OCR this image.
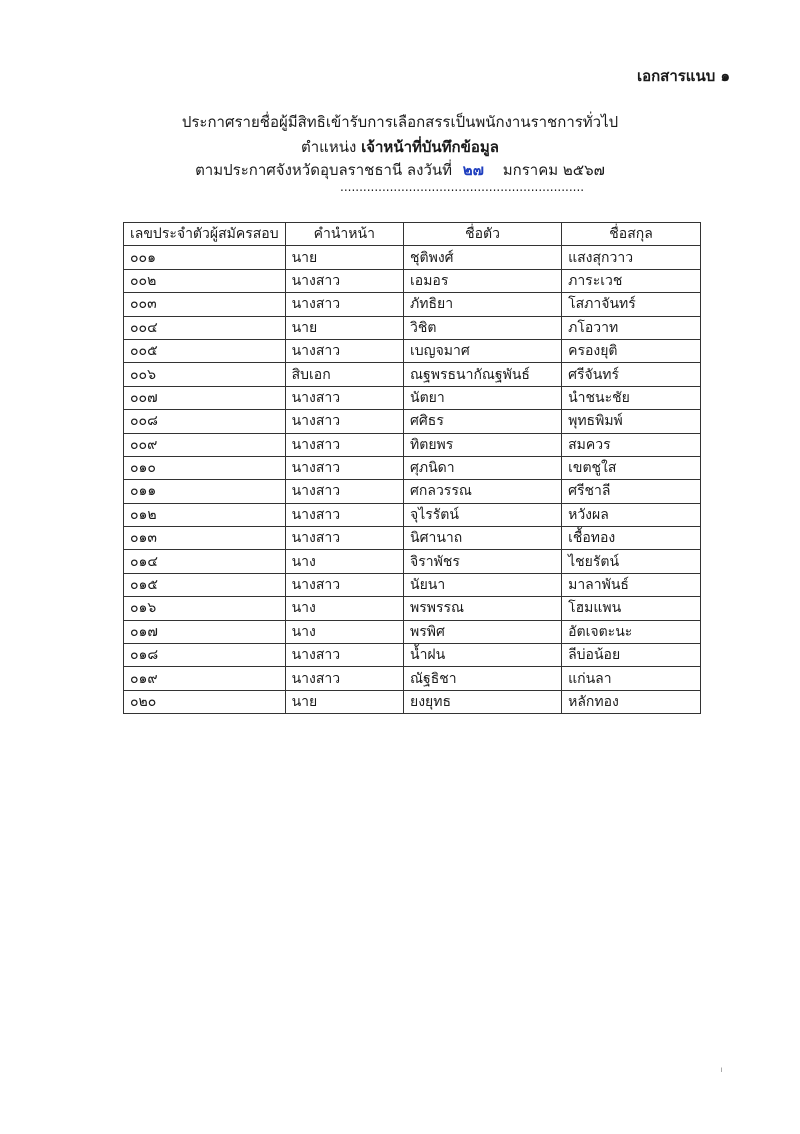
เอกสารแนบ ๑
ประกาศรายชื่อผู้มีสิทธิเข้ารับการเลือกสรรเป็นพนักงานราชการทั่วไป
ตำแหน่ง เจ้าหน้าที่บันทึกข้อมูล
ตามประกาศจังหวัดอุบลราชธานี ลงวันที่ ๒๗ มกราคม ๒๕๖๗
................................................................
เลขประจำตัวผู้สมัครสอบ	คำนำหน้า	ชื่อตัว	ชื่อสกุล
๐๐๑	นาย	ชุติพงศ์	แสงสุกวาว
๐๐๒	นางสาว	เอมอร	ภาระเวช
๐๐๓	นางสาว	ภัทธิยา	โสภาจันทร์
๐๐๔	นาย	วิชิต	ภโอวาท
๐๐๕	นางสาว	เบญจมาศ	ครองยุติ
๐๐๖	สิบเอก	ณฐพรธนากัณฐพันธ์	ศรีจันทร์
๐๐๗	นางสาว	นัตยา	นำชนะชัย
๐๐๘	นางสาว	ศศิธร	พุทธพิมพ์
๐๐๙	นางสาว	ทิตยพร	สมควร
๐๑๐	นางสาว	ศุภนิดา	เขตชูใส
๐๑๑	นางสาว	ศกลวรรณ	ศรีชาลี
๐๑๒	นางสาว	จุไรรัตน์	หวังผล
๐๑๓	นางสาว	นิศานาถ	เชื้อทอง
๐๑๔	นาง	จิราพัชร	ไชยรัตน์
๐๑๕	นางสาว	นัยนา	มาลาพันธ์
๐๑๖	นาง	พรพรรณ	โฮมแพน
๐๑๗	นาง	พรพิศ	อัตเจตะนะ
๐๑๘	นางสาว	น้ำฝน	ลีบ่อน้อย
๐๑๙	นางสาว	ณัฐธิชา	แก่นลา
๐๒๐	นาย	ยงยุทธ	หลักทอง
၊
